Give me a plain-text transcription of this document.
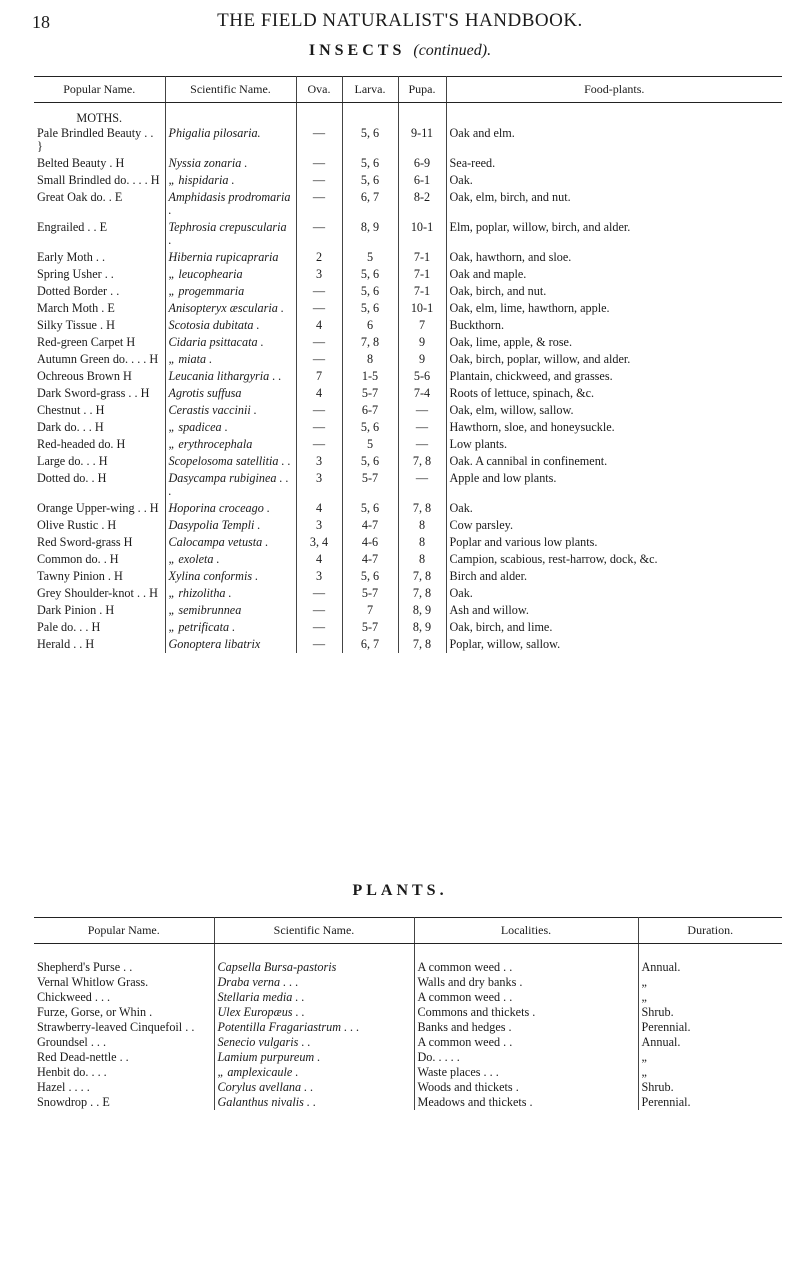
18	THE FIELD NATURALIST'S HANDBOOK.
INSECTS (continued).
Popular Name.	Scientific Name.	Ova.	Larva.	Pupa.	Food-plants.
MOTHS.					
Pale Brindled Beauty . . }	Phigalia pilosaria.	—	5, 6	9-11	Oak and elm.
Belted Beauty . H	Nyssia zonaria .	—	5, 6	6-9	Sea-reed.
Small Brindled do. . . . H	„ hispidaria .	—	5, 6	6-1	Oak.
Great Oak do. . E	Amphidasis prodromaria .	—	6, 7	8-2	Oak, elm, birch, and nut.
Engrailed . . E	Tephrosia crepuscularia .	—	8, 9	10-1	Elm, poplar, willow, birch, and alder.
Early Moth . .	Hibernia rupicapraria	2	5	7-1	Oak, hawthorn, and sloe.
Spring Usher . .	„ leucophearia	3	5, 6	7-1	Oak and maple.
Dotted Border . .	„ progemmaria	—	5, 6	7-1	Oak, birch, and nut.
March Moth . E	Anisopteryx æscularia .	—	5, 6	10-1	Oak, elm, lime, hawthorn, apple.
Silky Tissue . H	Scotosia dubitata .	4	6	7	Buckthorn.
Red-green Carpet H	Cidaria psittacata .	—	7, 8	9	Oak, lime, apple, & rose.
Autumn Green do. . . . H	„ miata .	—	8	9	Oak, birch, poplar, willow, and alder.
Ochreous Brown H	Leucania lithargyria . .	7	1-5	5-6	Plantain, chickweed, and grasses.
Dark Sword-grass . . H	Agrotis suffusa	4	5-7	7-4	Roots of lettuce, spinach, &c.
Chestnut . . H	Cerastis vaccinii .	—	6-7	—	Oak, elm, willow, sallow.
Dark do. . . H	„ spadicea .	—	5, 6	—	Hawthorn, sloe, and honeysuckle.
Red-headed do. H	„ erythrocephala	—	5	—	Low plants.
Large do. . . H	Scopelosoma satellitia . .	3	5, 6	7, 8	Oak. A cannibal in confinement.
Dotted do. . H	Dasycampa rubiginea . . .	3	5-7	—	Apple and low plants.
Orange Upper-wing . . H	Hoporina croceago .	4	5, 6	7, 8	Oak.
Olive Rustic . H	Dasypolia Templi .	3	4-7	8	Cow parsley.
Red Sword-grass H	Calocampa vetusta .	3, 4	4-6	8	Poplar and various low plants.
Common do. . H	„ exoleta .	4	4-7	8	Campion, scabious, rest-harrow, dock, &c.
Tawny Pinion . H	Xylina conformis .	3	5, 6	7, 8	Birch and alder.
Grey Shoulder-knot . . H	„ rhizolitha .	—	5-7	7, 8	Oak.
Dark Pinion . H	„ semibrunnea	—	7	8, 9	Ash and willow.
Pale do. . . H	„ petrificata .	—	5-7	8, 9	Oak, birch, and lime.
Herald . . H	Gonoptera libatrix	—	6, 7	7, 8	Poplar, willow, sallow.
PLANTS.
Popular Name.	Scientific Name.	Localities.	Duration.

Shepherd's Purse . .	Capsella Bursa-pastoris	A common weed . .	Annual.
Vernal Whitlow Grass.	Draba verna . . .	Walls and dry banks .	„
Chickweed . . .	Stellaria media . .	A common weed . .	„
Furze, Gorse, or Whin .	Ulex Europæus . .	Commons and thickets .	Shrub.
Strawberry-leaved Cinquefoil . .	Potentilla Fragariastrum . . .	Banks and hedges .	Perennial.
Groundsel . . .	Senecio vulgaris . .	A common weed . .	Annual.
Red Dead-nettle . .	Lamium purpureum .	Do. . . . .	„
Henbit do. . . .	„ amplexicaule .	Waste places . . .	„
Hazel . . . .	Corylus avellana . .	Woods and thickets .	Shrub.
Snowdrop . . E	Galanthus nivalis . .	Meadows and thickets .	Perennial.
